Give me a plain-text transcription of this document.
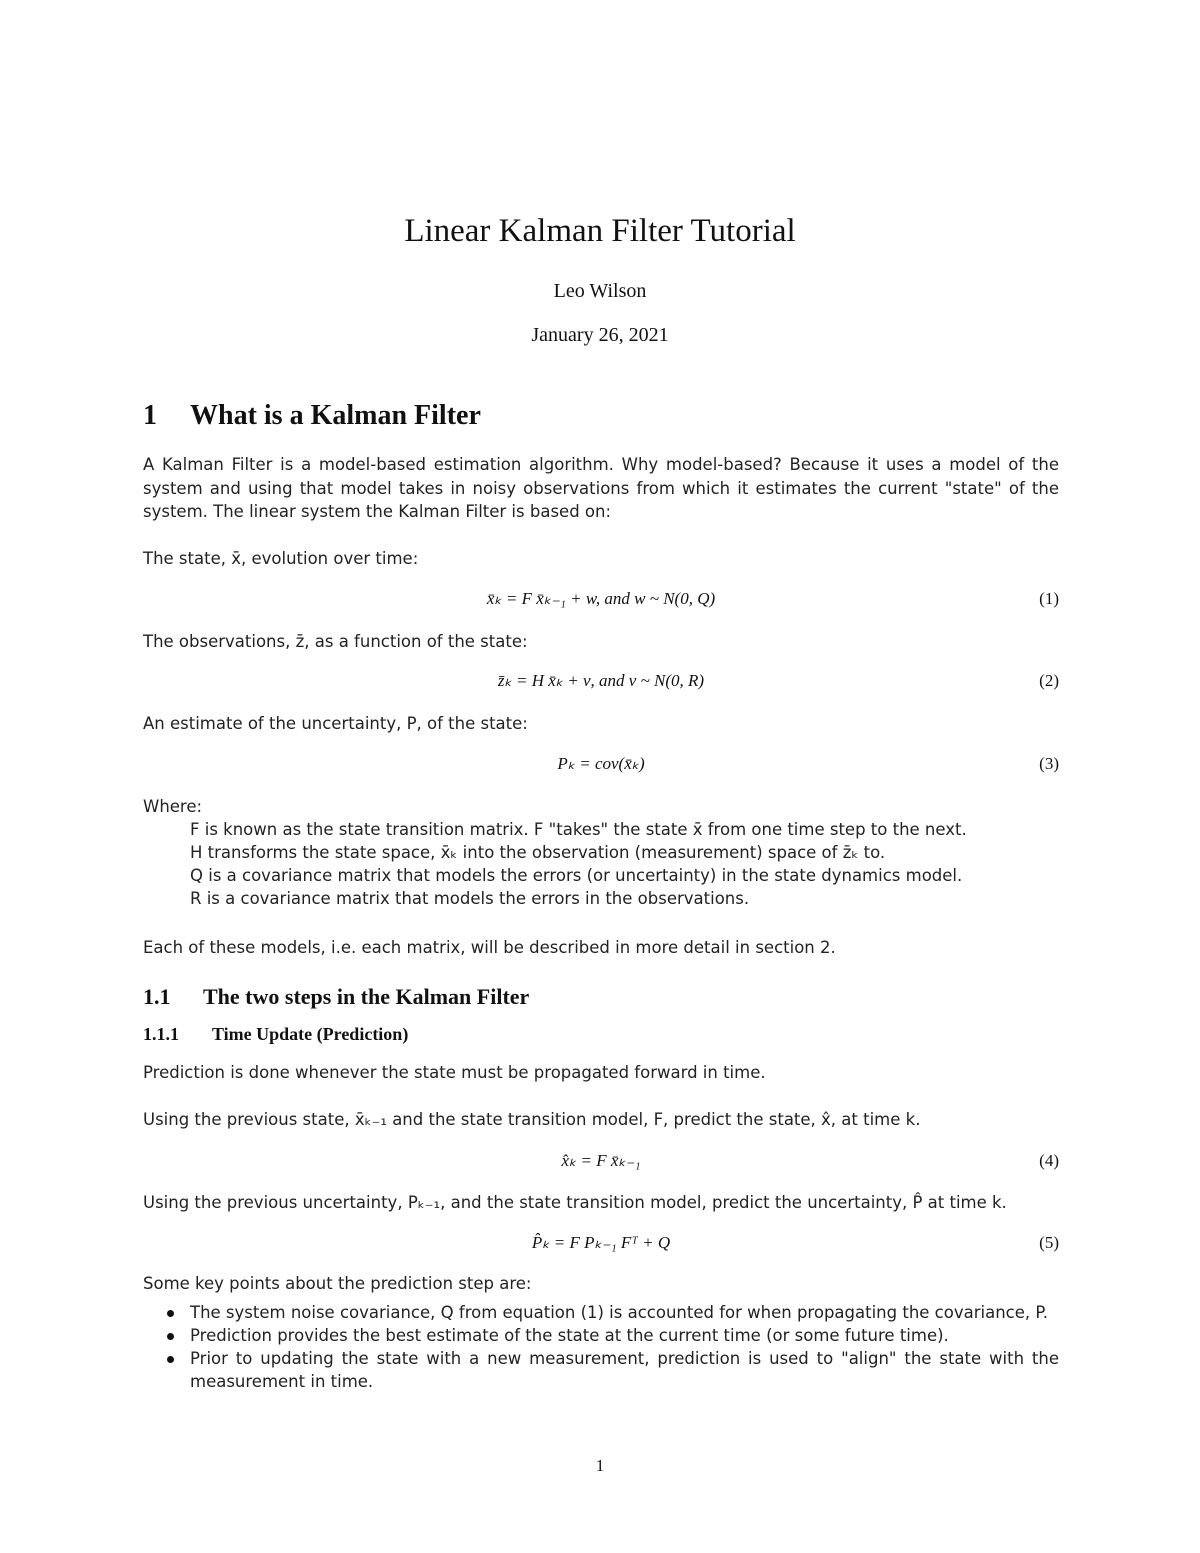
Linear Kalman Filter Tutorial
Leo Wilson
January 26, 2021
1 What is a Kalman Filter
A Kalman Filter is a model-based estimation algorithm. Why model-based? Because it uses a model of the system and using that model takes in noisy observations from which it estimates the current "state" of the system. The linear system the Kalman Filter is based on:
The state, x̄, evolution over time:
x̄ₖ = F x̄ₖ₋₁ + w, and w ~ N(0, Q)	(1)
The observations, z̄, as a function of the state:
z̄ₖ = H x̄ₖ + ν, and ν ~ N(0, R)	(2)
An estimate of the uncertainty, P, of the state:
Pₖ = cov(x̄ₖ)	(3)
Where:
F is known as the state transition matrix. F "takes" the state x̄ from one time step to the next.
H transforms the state space, x̄ₖ into the observation (measurement) space of z̄ₖ to.
Q is a covariance matrix that models the errors (or uncertainty) in the state dynamics model.
R is a covariance matrix that models the errors in the observations.
Each of these models, i.e. each matrix, will be described in more detail in section 2.
1.1 The two steps in the Kalman Filter
1.1.1 Time Update (Prediction)
Prediction is done whenever the state must be propagated forward in time.
Using the previous state, x̄ₖ₋₁ and the state transition model, F, predict the state, x̂, at time k.
x̂ₖ = F x̄ₖ₋₁	(4)
Using the previous uncertainty, Pₖ₋₁, and the state transition model, predict the uncertainty, P̂ at time k.
P̂ₖ = F Pₖ₋₁ Fᵀ + Q	(5)
Some key points about the prediction step are:
The system noise covariance, Q from equation (1) is accounted for when propagating the covariance, P.
Prediction provides the best estimate of the state at the current time (or some future time).
Prior to updating the state with a new measurement, prediction is used to "align" the state with the measurement in time.
1
